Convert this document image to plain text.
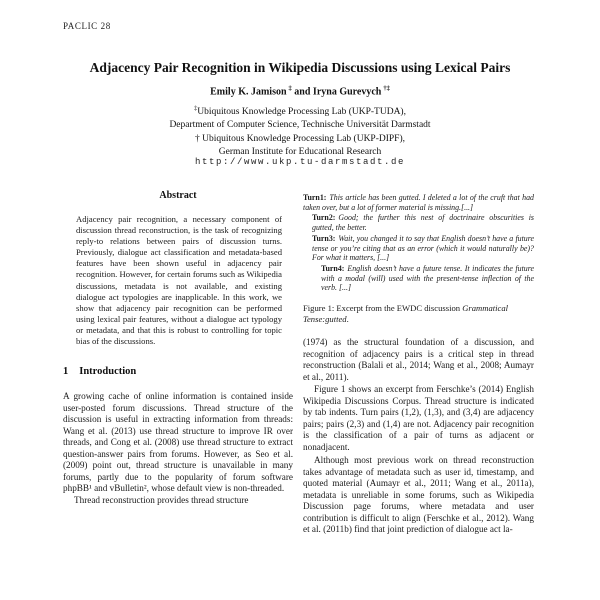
PACLIC 28
Adjacency Pair Recognition in Wikipedia Discussions using Lexical Pairs
Emily K. Jamison ‡ and Iryna Gurevych †‡
‡Ubiquitous Knowledge Processing Lab (UKP-TUDA),
Department of Computer Science, Technische Universität Darmstadt
† Ubiquitous Knowledge Processing Lab (UKP-DIPF),
German Institute for Educational Research
http://www.ukp.tu-darmstadt.de
Abstract

Adjacency pair recognition, a necessary component of discussion thread reconstruction, is the task of recognizing reply-to relations between pairs of discussion turns. Previously, dialogue act classification and metadata-based features have been shown useful in adjacency pair recognition. However, for certain forums such as Wikipedia discussions, metadata is not available, and existing dialogue act typologies are inapplicable. In this work, we show that adjacency pair recognition can be performed using lexical pair features, without a dialogue act typology or metadata, and that this is robust to controlling for topic bias of the discussions.

1 Introduction

A growing cache of online information is contained inside user-posted forum discussions. Thread structure of the discussion is useful in extracting information from threads: Wang et al. (2013) use thread structure to improve IR over threads, and Cong et al. (2008) use thread structure to extract question-answer pairs from forums. However, as Seo et al. (2009) point out, thread structure is unavailable in many forums, partly due to the popularity of forum software phpBB¹ and vBulletin², whose default view is non-threaded.

Thread reconstruction provides thread structure

Turn1: This article has been gutted. I deleted a lot of the cruft that had taken over, but a lot of former material is missing.[...]
Turn2: Good; the further this nest of doctrinaire obscurities is gutted, the better.
Turn3: Wait, you changed it to say that English doesn’t have a future tense or you’re citing that as an error (which it would naturally be)? For what it matters, [...]
Turn4: English doesn’t have a future tense. It indicates the future with a modal (will) used with the present-tense inflection of the verb. [...]
Figure 1: Excerpt from the EWDC discussion Grammatical Tense:gutted.

(1974) as the structural foundation of a discussion, and recognition of adjacency pairs is a critical step in thread reconstruction (Balali et al., 2014; Wang et al., 2008; Aumayr et al., 2011).

Figure 1 shows an excerpt from Ferschke’s (2014) English Wikipedia Discussions Corpus. Thread structure is indicated by tab indents. Turn pairs (1,2), (1,3), and (3,4) are adjacency pairs; pairs (2,3) and (1,4) are not. Adjacency pair recognition is the classification of a pair of turns as adjacent or nonadjacent.

Although most previous work on thread reconstruction takes advantage of metadata such as user id, timestamp, and quoted material (Aumayr et al., 2011; Wang et al., 2011a), metadata is unreliable in some forums, such as Wikipedia Discussion page forums, where metadata and user contribution is difficult to align (Ferschke et al., 2012). Wang et al. (2011b) find that joint prediction of dialogue act la-
